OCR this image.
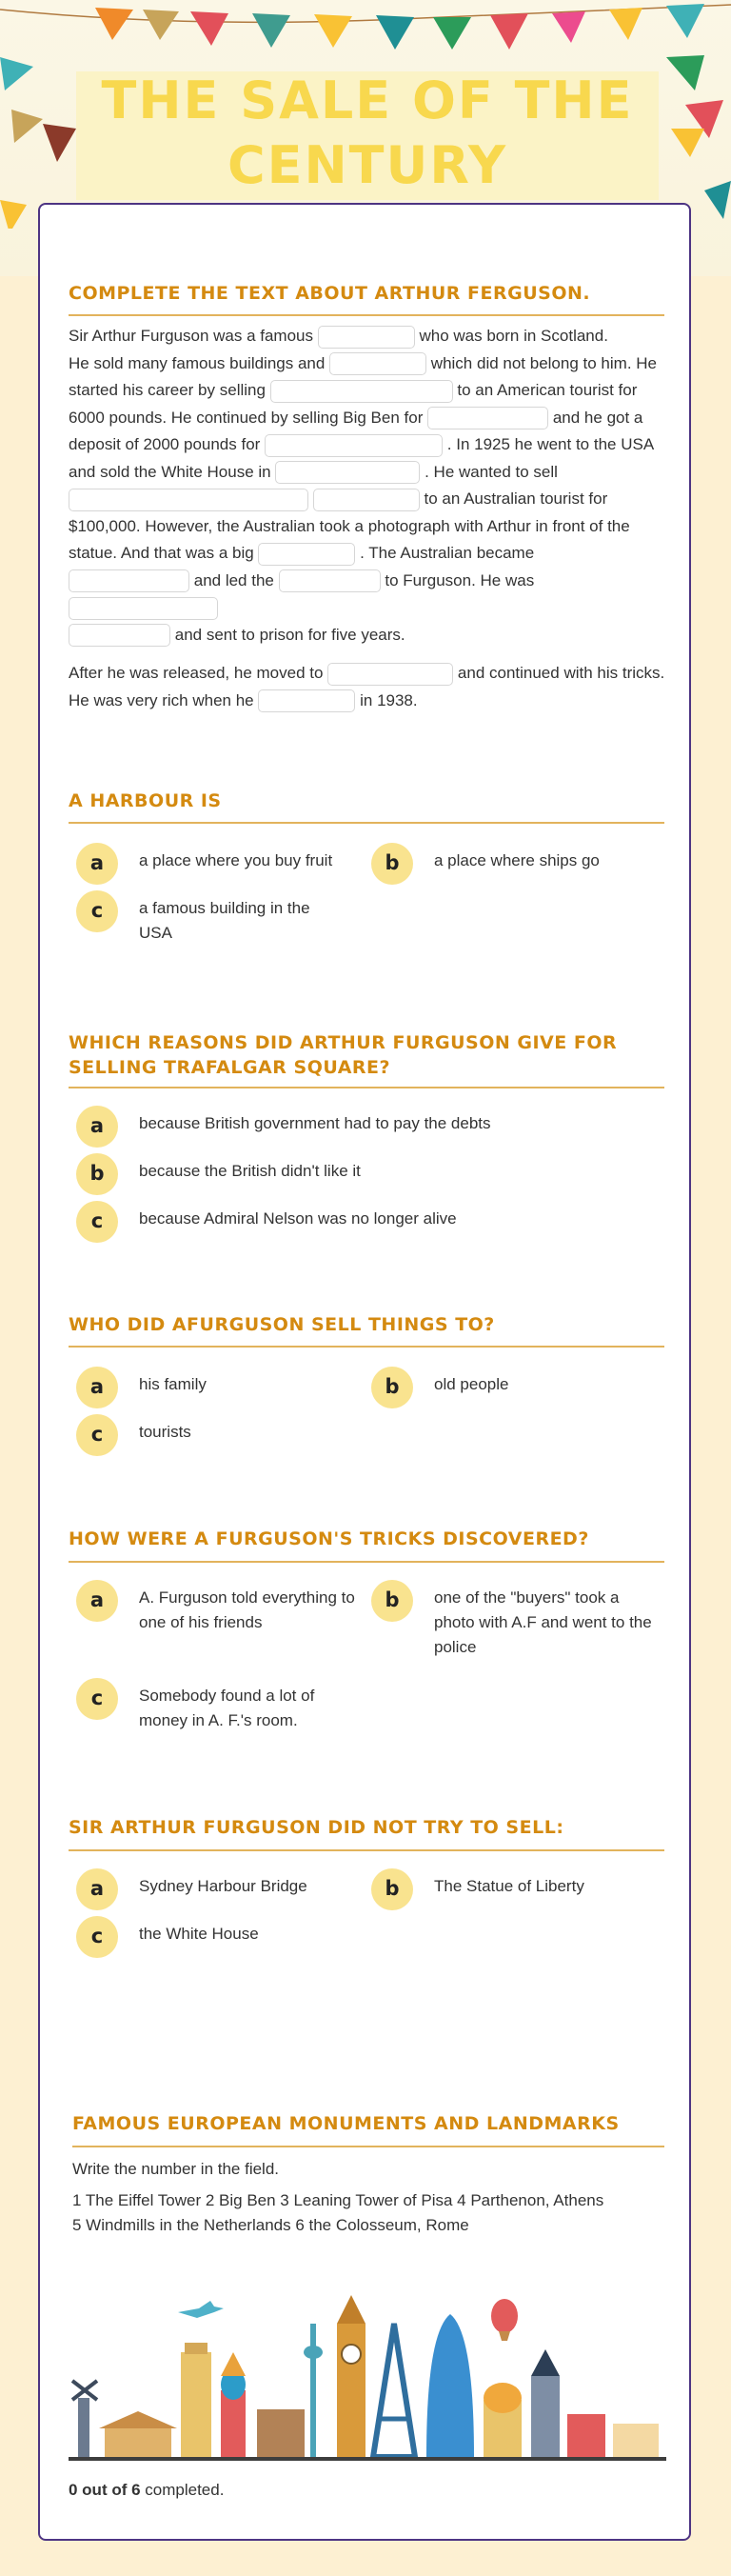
THE SALE OF THE CENTURY
COMPLETE THE TEXT ABOUT ARTHUR FERGUSON.
Sir Arthur Furguson was a famous	who was born in Scotland.
He sold many famous buildings and	which did not belong to him. He started his career by selling	to an American tourist for 6000 pounds. He continued by selling Big Ben for	and he got a deposit of 2000 pounds for	. In 1925 he went to the USA and sold the White House in	. He wanted to sell
to an Australian tourist for $100,000. However, the Australian took a photograph with Arthur in front of the statue. And that was a big	. The Australian became
and led the	to Furguson. He was
and sent to prison for five years.
After he was released, he moved to	and continued with his tricks. He was very rich when he	in 1938.
A HARBOUR IS
a	a place where you buy fruit	b	a place where ships go
c	a famous building in the USA
WHICH REASONS DID ARTHUR FURGUSON GIVE FOR SELLING TRAFALGAR SQUARE?
a	because British government had to pay the debts
b	because the British didn't like it
c	because Admiral Nelson was no longer alive
WHO DID AFURGUSON SELL THINGS TO?
a	his family	b	old people
c	tourists
HOW WERE A FURGUSON'S TRICKS DISCOVERED?
a	A. Furguson told everything to one of his friends
b	one of the "buyers" took a photo with A.F and went to the police
c	Somebody found a lot of money in A. F.'s room.
SIR ARTHUR FURGUSON DID NOT TRY TO SELL:
a	Sydney Harbour Bridge	b	The Statue of Liberty
c	the White House
FAMOUS EUROPEAN MONUMENTS AND LANDMARKS
Write the number in the field.
1 The Eiffel Tower 2 Big Ben 3 Leaning Tower of Pisa 4 Parthenon, Athens
5 Windmills in the Netherlands 6 the Colosseum, Rome
0 out of 6 completed.
